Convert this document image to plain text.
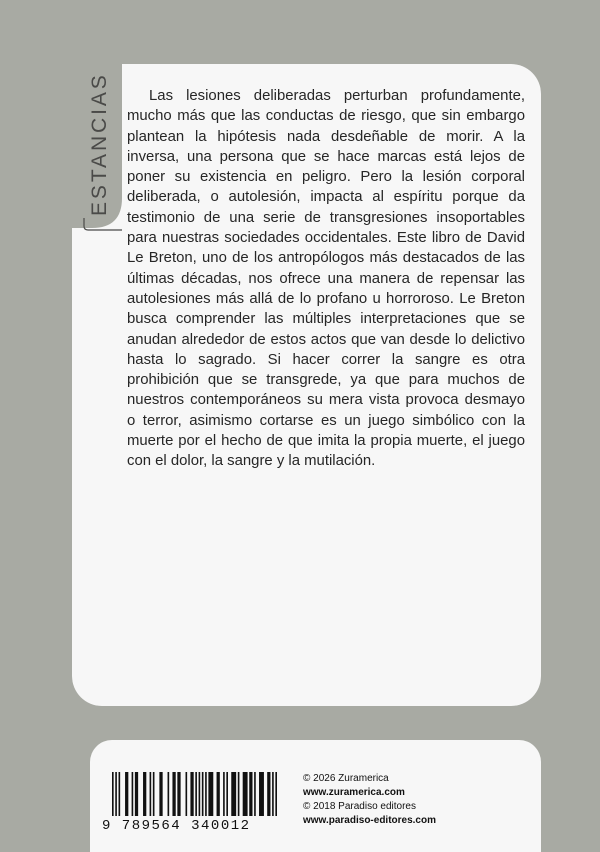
ESTANCIAS

Las lesiones deliberadas perturban profundamente, mucho más que las conductas de riesgo, que sin embargo plantean la hipótesis nada desdeñable de morir. A la inversa, una persona que se hace marcas está lejos de poner su existencia en peligro. Pero la lesión corporal deliberada, o autolesión, impacta al espíritu porque da testimonio de una serie de transgresiones insoportables para nuestras sociedades occidentales. Este libro de David Le Breton, uno de los antropólogos más destacados de las últimas décadas, nos ofrece una manera de repensar las autolesiones más allá de lo profano u horroroso. Le Breton busca comprender las múltiples interpretaciones que se anudan alrededor de estos actos que van desde lo delictivo hasta lo sagrado. Si hacer correr la sangre es otra prohibición que se transgrede, ya que para muchos de nuestros contemporáneos su mera vista provoca desmayo o terror, asimismo cortarse es un juego simbólico con la muerte por el hecho de que imita la propia muerte, el juego con el dolor, la sangre y la mutilación.

9 789564 340012
© 2026 Zuramerica
www.zuramerica.com
© 2018 Paradiso editores
www.paradiso-editores.com
